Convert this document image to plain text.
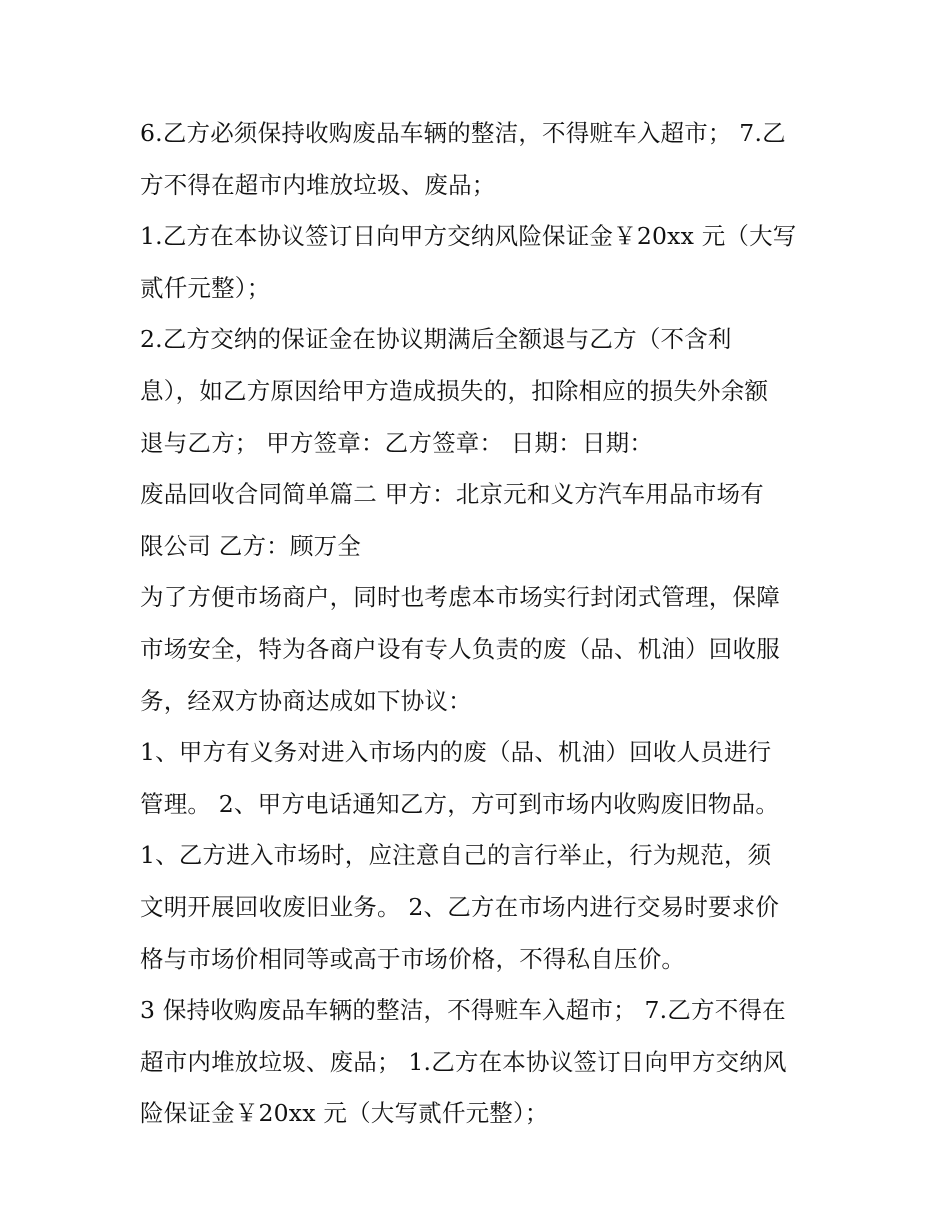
6.乙方必须保持收购废品车辆的整洁，不得赃车入超市； 7.乙
方不得在超市内堆放垃圾、废品；
1.乙方在本协议签订日向甲方交纳风险保证金￥20xx 元（大写
贰仟元整）；
2.乙方交纳的保证金在协议期满后全额退与乙方（不含利
息），如乙方原因给甲方造成损失的，扣除相应的损失外余额
退与乙方； 甲方签章：乙方签章： 日期：日期：
废品回收合同简单篇二 甲方：北京元和义方汽车用品市场有
限公司 乙方：顾万全
为了方便市场商户，同时也考虑本市场实行封闭式管理，保障
市场安全，特为各商户设有专人负责的废（品、机油）回收服
务，经双方协商达成如下协议：
1、甲方有义务对进入市场内的废（品、机油）回收人员进行
管理。 2、甲方电话通知乙方，方可到市场内收购废旧物品。
1、乙方进入市场时，应注意自己的言行举止，行为规范，须
文明开展回收废旧业务。 2、乙方在市场内进行交易时要求价
格与市场价相同等或高于市场价格，不得私自压价。
3 保持收购废品车辆的整洁，不得赃车入超市； 7.乙方不得在
超市内堆放垃圾、废品； 1.乙方在本协议签订日向甲方交纳风
险保证金￥20xx 元（大写贰仟元整）；
